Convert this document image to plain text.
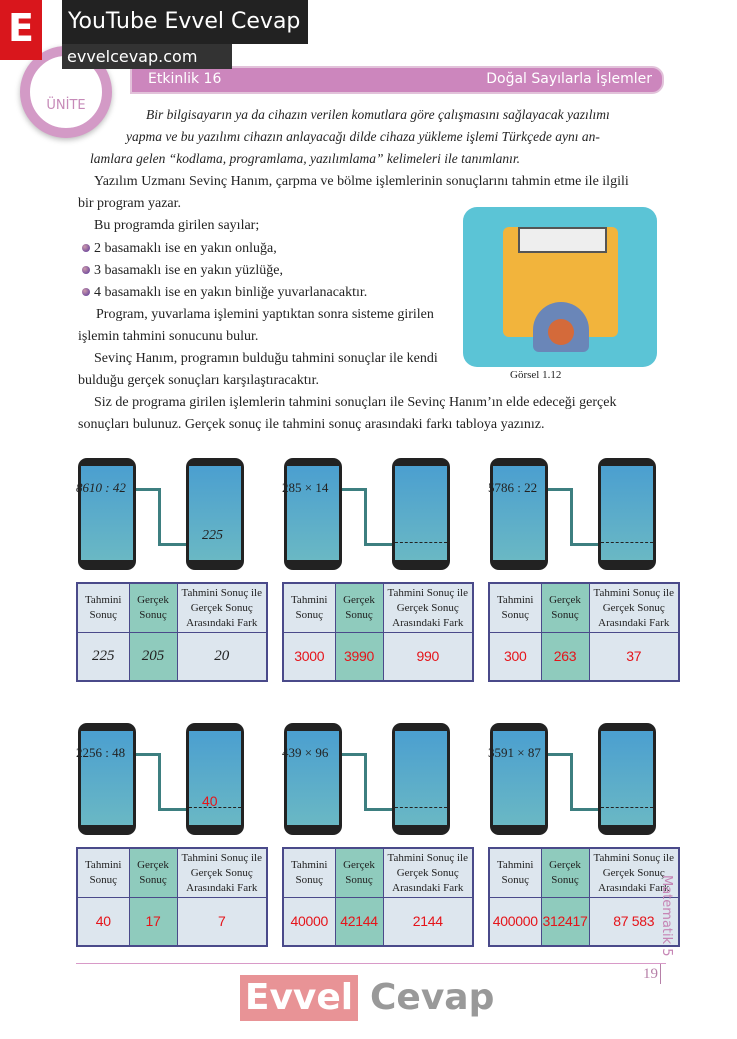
ÜNİTE
E	YouTube Evvel Cevap
evvelcevap.com
Etkinlik 16	Doğal Sayılarla İşlemler
Bir bilgisayarın ya da cihazın verilen komutlara göre çalışmasını sağlayacak yazılımı
yapma ve bu yazılımı cihazın anlayacağı dilde cihaza yükleme işlemi Türkçede aynı an-
lamlara gelen “kodlama, programlama, yazılımlama” kelimeleri ile tanımlanır.
Yazılım Uzmanı Sevinç Hanım, çarpma ve bölme işlemlerinin sonuçlarını tahmin etme ile ilgili
bir program yazar.
Bu programda girilen sayılar;
2 basamaklı ise en yakın onluğa,
3 basamaklı ise en yakın yüzlüğe,
4 basamaklı ise en yakın binliğe yuvarlanacaktır.
Program, yuvarlama işlemini yaptıktan sonra sisteme girilen
işlemin tahmini sonucunu bulur.
Sevinç Hanım, programın bulduğu tahmini sonuçlar ile kendi
bulduğu gerçek sonuçları karşılaştıracaktır.
Siz de programa girilen işlemlerin tahmini sonuçları ile Sevinç Hanım’ın elde edeceği gerçek
sonuçları bulunuz. Gerçek sonuç ile tahmini sonuç arasındaki farkı tabloya yazınız.
Görsel 1.12
8610 : 42
225
Tahmini Sonuç	Gerçek Sonuç	Tahmini Sonuç ile Gerçek Sonuç Arasındaki Fark
225	205	20
285 × 14
Tahmini Sonuç	Gerçek Sonuç	Tahmini Sonuç ile Gerçek Sonuç Arasındaki Fark
3000	3990	990
5786 : 22
Tahmini Sonuç	Gerçek Sonuç	Tahmini Sonuç ile Gerçek Sonuç Arasındaki Fark
300	263	37
2256 : 48
40
Tahmini Sonuç	Gerçek Sonuç	Tahmini Sonuç ile Gerçek Sonuç Arasındaki Fark
40	17	7
439 × 96
Tahmini Sonuç	Gerçek Sonuç	Tahmini Sonuç ile Gerçek Sonuç Arasındaki Fark
40000	42144	2144
3591 × 87
Tahmini Sonuç	Gerçek Sonuç	Tahmini Sonuç ile Gerçek Sonuç Arasındaki Fark
400000	312417	87 583
19
Matematik 5
Evvel Cevap
